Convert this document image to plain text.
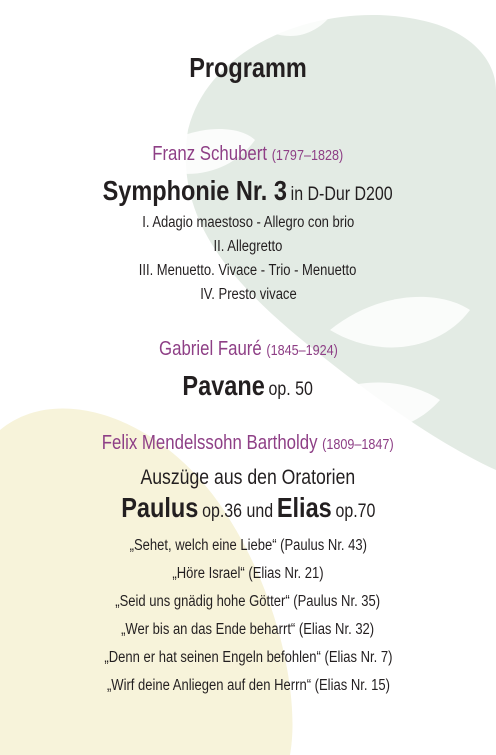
Programm
Franz Schubert (1797–1828)
Symphonie Nr. 3 in D-Dur D200
I. Adagio maestoso - Allegro con brio
II. Allegretto
III. Menuetto. Vivace - Trio - Menuetto
IV. Presto vivace
Gabriel Fauré (1845–1924)
Pavane op. 50
Felix Mendelssohn Bartholdy (1809–1847)
Auszüge aus den Oratorien
Paulus op.36 und Elias op.70
„Sehet, welch eine Liebe“ (Paulus Nr. 43)
„Höre Israel“ (Elias Nr. 21)
„Seid uns gnädig hohe Götter“ (Paulus Nr. 35)
„Wer bis an das Ende beharrt“ (Elias Nr. 32)
„Denn er hat seinen Engeln befohlen“ (Elias Nr. 7)
„Wirf deine Anliegen auf den Herrn“ (Elias Nr. 15)
